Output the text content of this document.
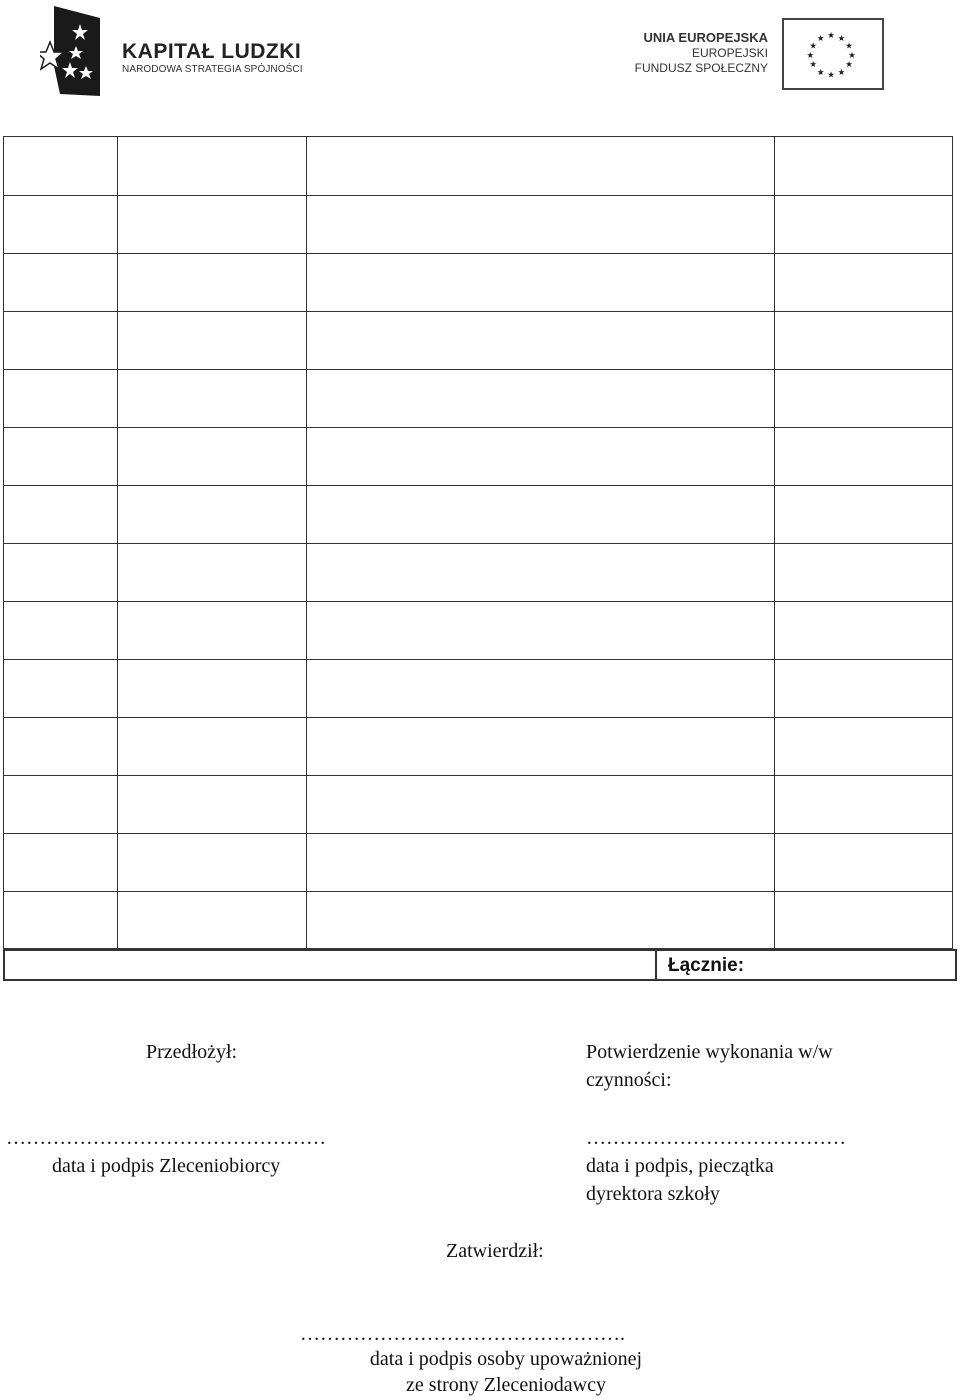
KAPITAŁ LUDZKI
NARODOWA STRATEGIA SPÓJNOŚCI
UNIA EUROPEJSKA
EUROPEJSKI
FUNDUSZ SPOŁECZNY
★ ★
★
★
★
★
★
★
★
★
★
★
Łącznie:
Przedłożył:	Potwierdzenie wykonania w/w
czynności:
…………………………………………
data i podpis Zleceniobiorcy
…………………………………
data i podpis, pieczątka
dyrektora szkoły
Zatwierdził:
………………………………………….
data i podpis osoby upoważnionej
ze strony Zleceniodawcy
